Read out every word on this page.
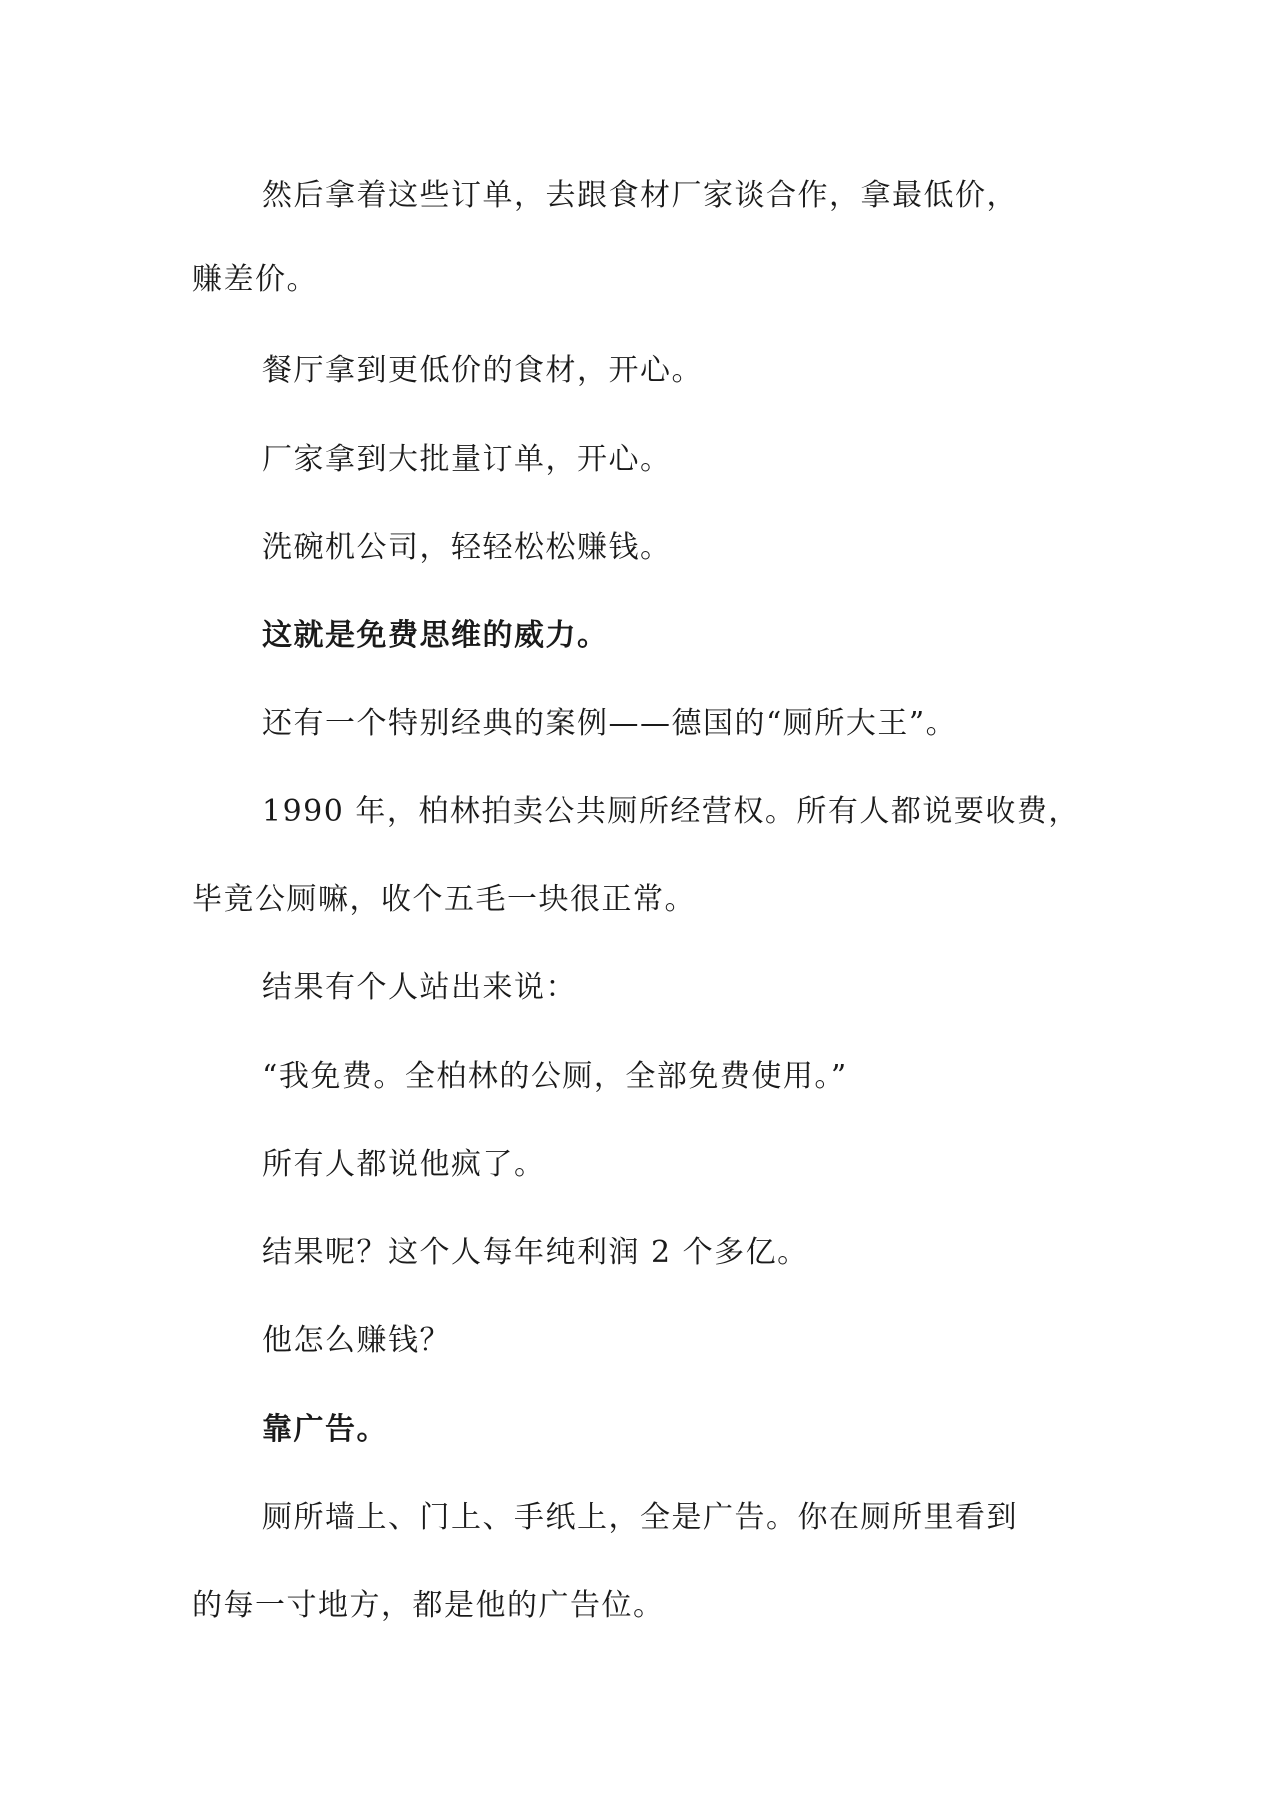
然后拿着这些订单，去跟食材厂家谈合作，拿最低价，
赚差价。
餐厅拿到更低价的食材，开心。
厂家拿到大批量订单，开心。
洗碗机公司，轻轻松松赚钱。
这就是免费思维的威力。
还有一个特别经典的案例——德国的“厕所大王”。
1990 年，柏林拍卖公共厕所经营权。所有人都说要收费，
毕竟公厕嘛，收个五毛一块很正常。
结果有个人站出来说：
“我免费。全柏林的公厕，全部免费使用。”
所有人都说他疯了。
结果呢？这个人每年纯利润 2 个多亿。
他怎么赚钱？
靠广告。
厕所墙上、门上、手纸上，全是广告。你在厕所里看到
的每一寸地方，都是他的广告位。
